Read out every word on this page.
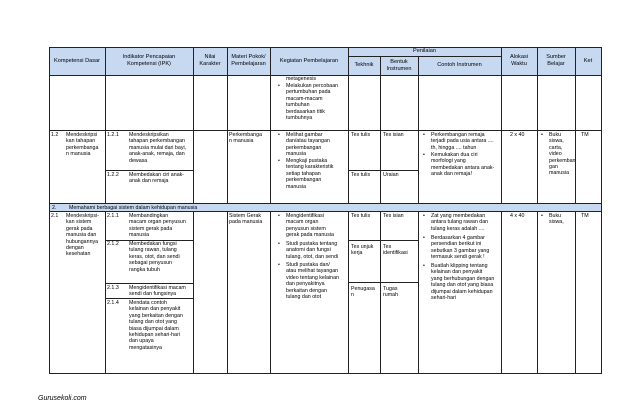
Kompetensi Dasar
Indikator Pencapaian
Kompetensi (IPK)
Nilai
Karakter
Materi Pokok/
Pembelajaran
Kegiatan Pembelajaran
Penilaian
Tekhnik
Bentuk
Instrumen
Contoh Instrumen
Alokasi
Waktu
Sumber
Belajar
Ket
•
metagenesis
Melakukan percobaan
pertumbuhan pada
macam-macam
tumbuhan
berdasarkan titik
tumbuhnya
1.2 Mendeskripsi
kan tahapan
perkembanga
n manusia
1.2.1 Mendeskripsikan
tahapan perkembangan
manusia mulai dari bayi,
anak-anak, remaja, dan
dewasa
1.2.2 Membedakan ciri anak-
anak dan remaja
Perkembanga
n manusia
• Melihat gambar
dan/atau tayangan
perkembangan
manusia
• Mengkaji pustaka
tentang karakteristik
setiap tahapan
perkembangan
manusia
Tes tulis Tes isian
Tes tulis Uraian
• Perkembangan remaja
terjadi pada usia antara ....
th, hingga .... tahun
• Kemukakan dua ciri
morfologi yang
membedakan antara anak-
anak dan remaja!
2 x 40	• Buku
siswa,
carta,
video
perkemban
gan
manusia
TM
2. Memahami berbagai sistem dalam kehidupan manusia
2.1 Mendeskripsi-
kan sistem
gerak pada
manusia dan
hubungannya
dengan
kesehatan
2.1.1 Membandingkan
macam organ penyusun
sistem gerak pada
manusia
2.1.2 Membedakan fungsi
tulang rawan, tulang
keras, otot, dan sendi
sebagai penyusun
rangka tubuh
2.1.3 Mengidentifikasi macam
sendi dan fungsinya
2.1.4 Mendata contoh
kelainan dan penyakit
yang berkaitan dengan
tulang dan otot yang
biasa dijumpai dalam
kehidupan sehari-hari
dan upaya
mengatasinya
Sistem Gerak
pada manusia
• Mengidentifikasi
macam organ
penyusun sistem
gerak pada manusia
• Studi pustaka tentang
anatomi dan fungsi
tulang, otot, dan sendi
• Studi pustaka dan/
atau melihat tayangan
video tentang kelainan
dan penyakitnya
berkaitan dengan
tulang dan otot
Tes tulis Tes isian
Tes unjuk
kerja
Tes
identifikasi
Penugasa
n
Tugas
rumah
• Zat yang membedakan
antara tulang rawan dan
tulang keras adalah ....
• Berdasarkan 4 gambar
persendian berikut ini
sebutkan 3 gambar yang
termasuk sendi gerak !
• Buatlah klipping tentang
kelainan dan penyakit
yang berhubungan dengan
tulang dan otot yang biasa
dijumpai dalam kehidupan
sehari-hari
4 x 40	• Buku
siswa,
TM
Gurusekoli.com
